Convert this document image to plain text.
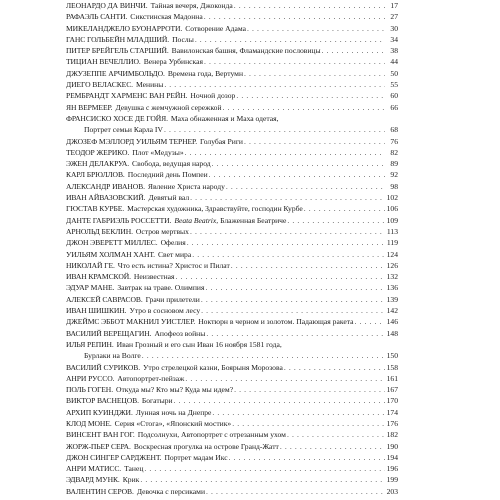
ЛЕОНАРДО ДА ВИНЧИ. Тайная вечеря, Джоконда . . .	17
РАФАЭЛЬ САНТИ. Сикстинская Мадонна . . .	27
МИКЕЛАНДЖЕЛО БУОНАРРОТИ. Сотворение Адама . . .	30
ГАНС ГОЛЬБЕЙН МЛАДШИЙ. Послы . . .	34
ПИТЕР БРЕЙГЕЛЬ СТАРШИЙ. Вавилонская башня, Фламандские пословицы . . .	38
ТИЦИАН ВЕЧЕЛЛИО. Венера Урбинская . . .	44
ДЖУЗЕППЕ АРЧИМБОЛЬДО. Времена года, Вертумн . . .	50
ДИЕГО ВЕЛАСКЕС. Менины . . .	55
РЕМБРАНДТ ХАРМЕНС ВАН РЕЙН. Ночной дозор . . .	60
ЯН ВЕРМЕЕР. Девушка с жемчужной сережкой . . .	66
ФРАНСИСКО ХОСЕ ДЕ ГОЙЯ. Маха обнаженная и Маха одетая,
Портрет семьи Карла IV . . .	68
ДЖОЗЕФ МЭЛЛОРД УИЛЬЯМ ТЕРНЕР. Голубая Риги . . .	76
ТЕОДОР ЖЕРИКО. Плот «Медузы» . . .	82
ЭЖЕН ДЕЛАКРУА. Свобода, ведущая народ . . .	89
КАРЛ БРЮЛЛОВ. Последний день Помпеи . . .	92
АЛЕКСАНДР ИВАНОВ. Явление Христа народу . . .	98
ИВАН АЙВАЗОВСКИЙ. Девятый вал . . .	102
ГЮСТАВ КУРБЕ. Мастерская художника, Здравствуйте, господин Курбе . . .	106
ДАНТЕ ГАБРИЭЛЬ РОССЕТТИ. Beata Beatrix, Блаженная Беатриче . . .	109
АРНОЛЬД БЕКЛИН. Остров мертвых . . .	113
ДЖОН ЭВЕРЕТТ МИЛЛЕС. Офелия . . .	119
УИЛЬЯМ ХОЛМАН ХАНТ. Свет мира . . .	124
НИКОЛАЙ ГЕ. Что есть истина? Христос и Пилат . . .	126
ИВАН КРАМСКОЙ. Неизвестная . . .	132
ЭДУАР МАНЕ. Завтрак на траве. Олимпия . . .	136
АЛЕКСЕЙ САВРАСОВ. Грачи прилетели . . .	139
ИВАН ШИШКИН. Утро в сосновом лесу . . .	142
ДЖЕЙМС ЭББОТ МАКНИЛ УИСТЛЕР. Ноктюрн в черном и золотом. Падающая ракета . . .	146
ВАСИЛИЙ ВЕРЕЩАГИН. Апофеоз войны . . .	148
ИЛЬЯ РЕПИН. Иван Грозный и его сын Иван 16 ноября 1581 года,
Бурлаки на Волге . . .	150
ВАСИЛИЙ СУРИКОВ. Утро стрелецкой казни, Боярыня Морозова . . .	158
АНРИ РУССО. Автопортрет-пейзаж . . .	161
ПОЛЬ ГОГЕН. Откуда мы? Кто мы? Куда мы идем? . . .	167
ВИКТОР ВАСНЕЦОВ. Богатыри . . .	170
АРХИП КУИНДЖИ. Лунная ночь на Днепре . . .	174
КЛОД МОНЕ. Серия «Стога», «Японский мостик» . . .	176
ВИНСЕНТ ВАН ГОГ. Подсолнухи, Автопортрет с отрезанным ухом . . .	182
ЖОРЖ-ПЬЕР СЕРА. Воскресная прогулка на острове Гранд-Жатт . . .	190
ДЖОН СИНГЕР САРДЖЕНТ. Портрет мадам Икс . . .	194
АНРИ МАТИСС. Танец . . .	196
ЭДВАРД МУНК. Крик . . .	199
ВАЛЕНТИН СЕРОВ. Девочка с персиками . . .	203
